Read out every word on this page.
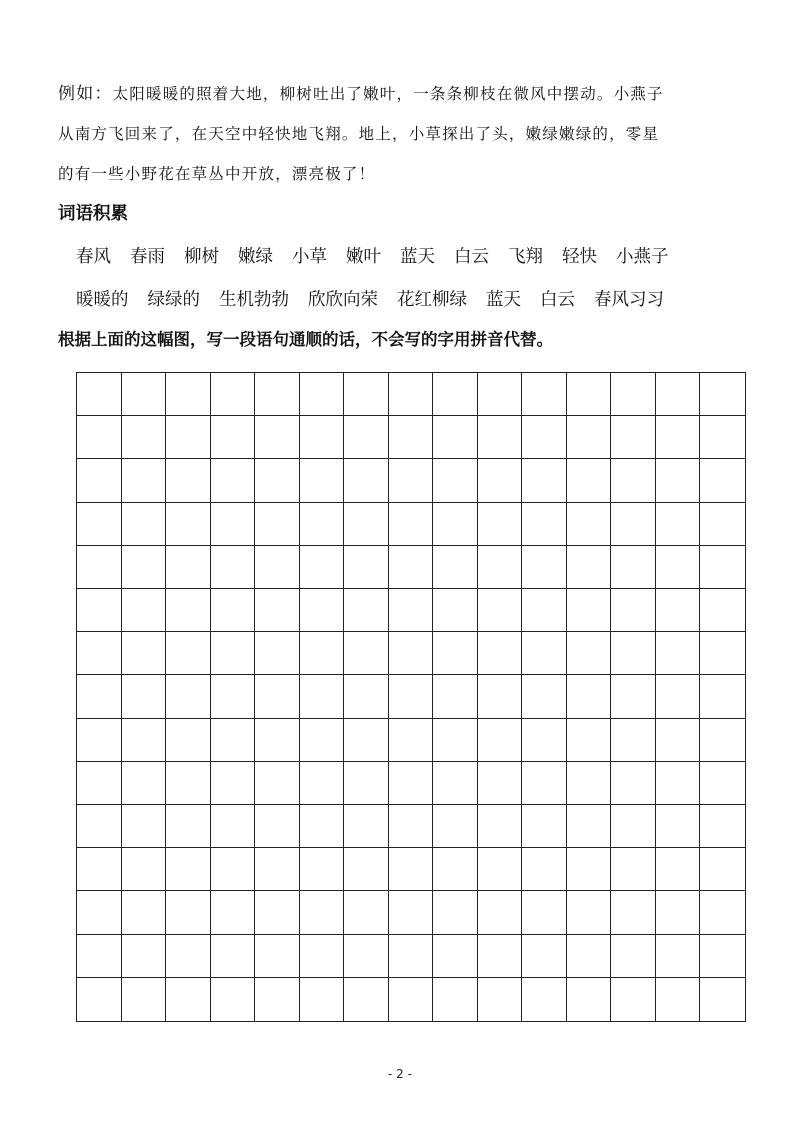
例如：太阳暖暖的照着大地，柳树吐出了嫩叶，一条条柳枝在微风中摆动。小燕子
从南方飞回来了，在天空中轻快地飞翔。地上，小草探出了头，嫩绿嫩绿的，零星
的有一些小野花在草丛中开放，漂亮极了！
词语积累
春风 春雨 柳树 嫩绿 小草 嫩叶 蓝天 白云 飞翔 轻快 小燕子
暖暖的 绿绿的 生机勃勃 欣欣向荣 花红柳绿 蓝天 白云 春风习习
根据上面的这幅图，写一段语句通顺的话，不会写的字用拼音代替。
- 2 -
